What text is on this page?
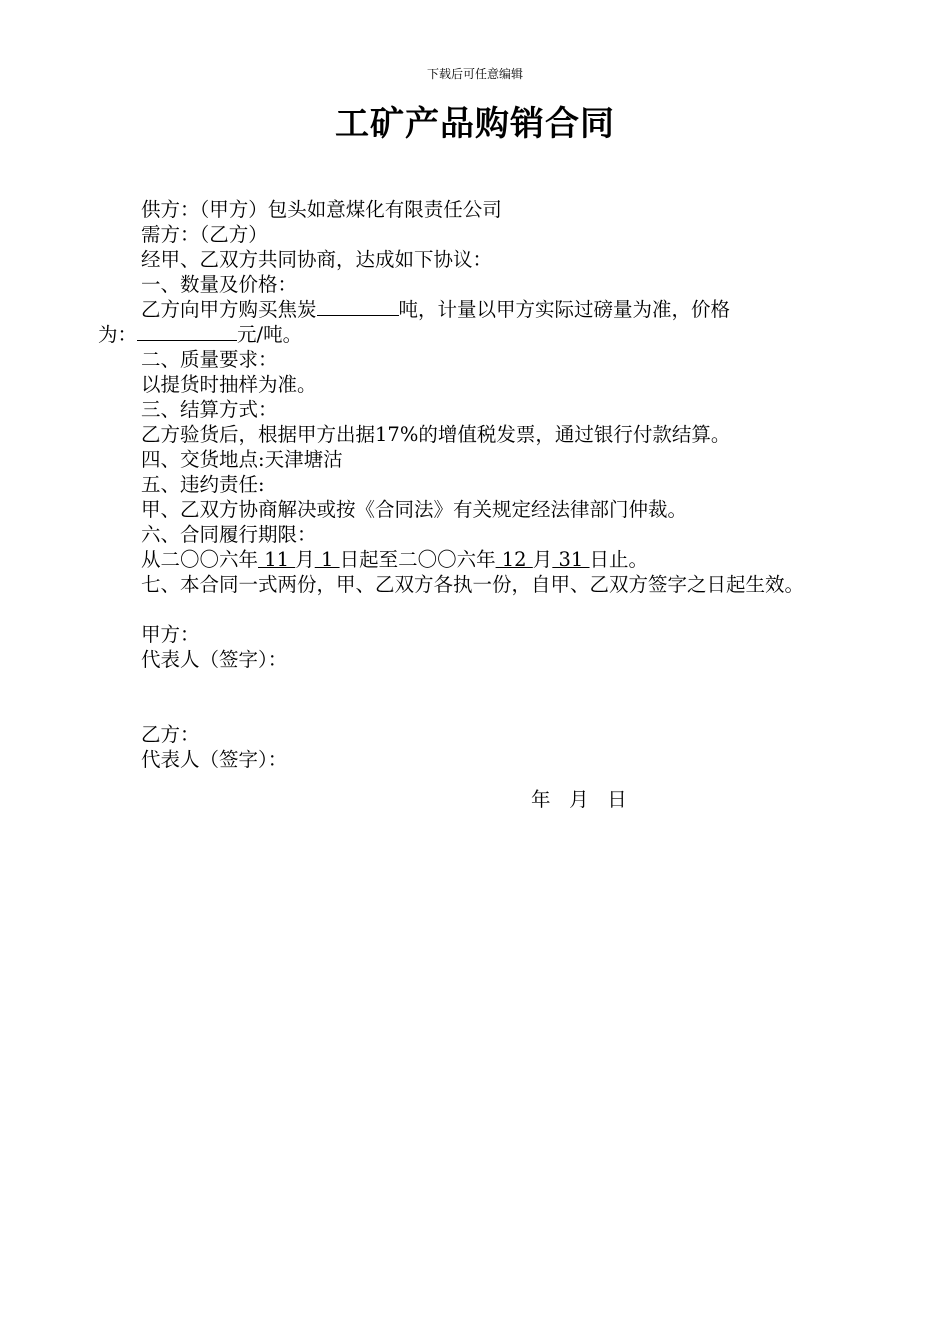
下载后可任意编辑
工矿产品购销合同

供方：（甲方）包头如意煤化有限责任公司

需方：（乙方）

经甲、乙双方共同协商，达成如下协议：

一、数量及价格：

乙方向甲方购买焦炭	吨，计量以甲方实际过磅量为准，价格

为：	元/吨。

二、质量要求：

以提货时抽样为准。

三、结算方式：

乙方验货后，根据甲方出据17%的增值税发票，通过银行付款结算。

四、交货地点:天津塘沽

五、违约责任:

甲、乙双方协商解决或按《合同法》有关规定经法律部门仲裁。

六、合同履行期限：

从二〇〇六年 11 月 1 日起至二〇〇六年 12 月 31 日止。

七、本合同一式两份，甲、乙双方各执一份，自甲、乙双方签字之日起生效。

甲方：

代表人（签字）：

乙方：

代表人（签字）：

年   月   日
